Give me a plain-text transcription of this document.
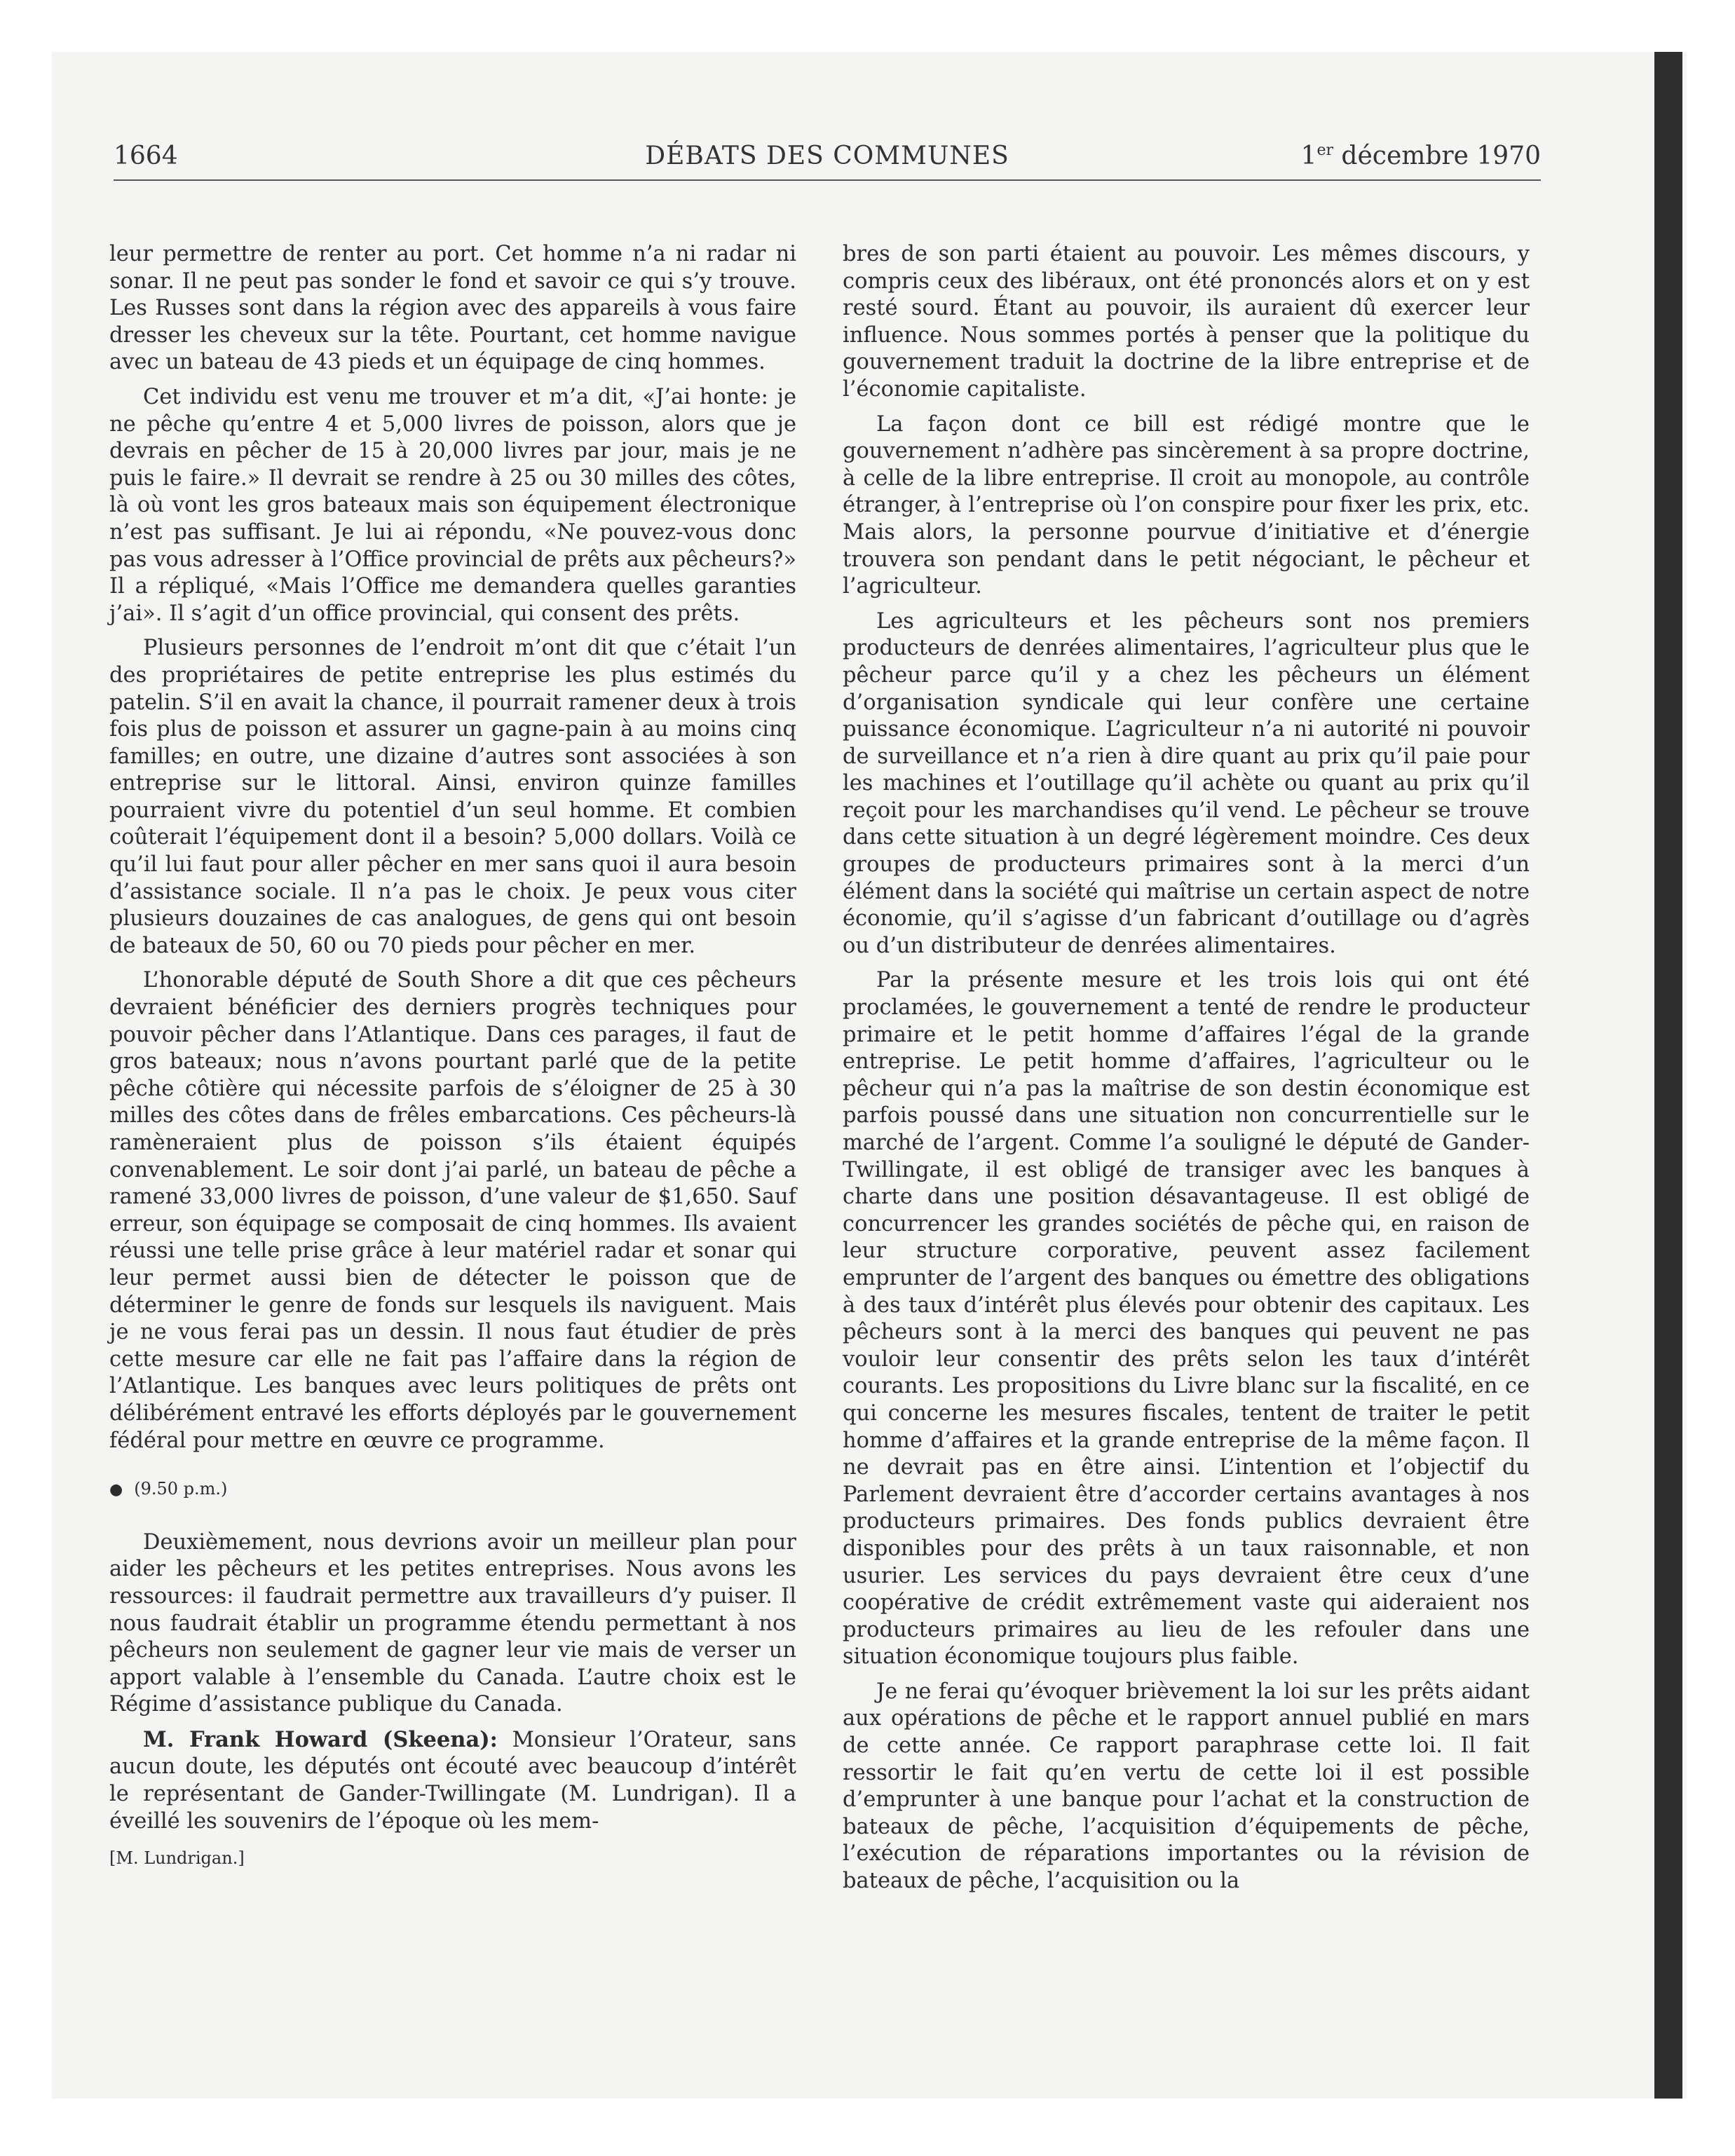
1664	DÉBATS DES COMMUNES	1er décembre 1970

leur permettre de renter au port. Cet homme n’a ni radar ni sonar. Il ne peut pas sonder le fond et savoir ce qui s’y trouve. Les Russes sont dans la région avec des appareils à vous faire dresser les cheveux sur la tête. Pourtant, cet homme navigue avec un bateau de 43 pieds et un équipage de cinq hommes.

Cet individu est venu me trouver et m’a dit, «J’ai honte: je ne pêche qu’entre 4 et 5,000 livres de poisson, alors que je devrais en pêcher de 15 à 20,000 livres par jour, mais je ne puis le faire.» Il devrait se rendre à 25 ou 30 milles des côtes, là où vont les gros bateaux mais son équipement électronique n’est pas suffisant. Je lui ai répondu, «Ne pouvez-vous donc pas vous adresser à l’Office provincial de prêts aux pêcheurs?» Il a répliqué, «Mais l’Office me demandera quelles garanties j’ai». Il s’agit d’un office provincial, qui consent des prêts.

Plusieurs personnes de l’endroit m’ont dit que c’était l’un des propriétaires de petite entreprise les plus estimés du patelin. S’il en avait la chance, il pourrait ramener deux à trois fois plus de poisson et assurer un gagne-pain à au moins cinq familles; en outre, une dizaine d’autres sont associées à son entreprise sur le littoral. Ainsi, environ quinze familles pourraient vivre du potentiel d’un seul homme. Et combien coûterait l’équipement dont il a besoin? 5,000 dollars. Voilà ce qu’il lui faut pour aller pêcher en mer sans quoi il aura besoin d’assistance sociale. Il n’a pas le choix. Je peux vous citer plusieurs douzaines de cas analogues, de gens qui ont besoin de bateaux de 50, 60 ou 70 pieds pour pêcher en mer.

L’honorable député de South Shore a dit que ces pêcheurs devraient bénéficier des derniers progrès techniques pour pouvoir pêcher dans l’Atlantique. Dans ces parages, il faut de gros bateaux; nous n’avons pourtant parlé que de la petite pêche côtière qui nécessite parfois de s’éloigner de 25 à 30 milles des côtes dans de frêles embarcations. Ces pêcheurs-là ramèneraient plus de poisson s’ils étaient équipés convenablement. Le soir dont j’ai parlé, un bateau de pêche a ramené 33,000 livres de poisson, d’une valeur de $1,650. Sauf erreur, son équipage se composait de cinq hommes. Ils avaient réussi une telle prise grâce à leur matériel radar et sonar qui leur permet aussi bien de détecter le poisson que de déterminer le genre de fonds sur lesquels ils naviguent. Mais je ne vous ferai pas un dessin. Il nous faut étudier de près cette mesure car elle ne fait pas l’affaire dans la région de l’Atlantique. Les banques avec leurs politiques de prêts ont délibérément entravé les efforts déployés par le gouvernement fédéral pour mettre en œuvre ce programme.

● (9.50 p.m.)

Deuxièmement, nous devrions avoir un meilleur plan pour aider les pêcheurs et les petites entreprises. Nous avons les ressources: il faudrait permettre aux travailleurs d’y puiser. Il nous faudrait établir un programme étendu permettant à nos pêcheurs non seulement de gagner leur vie mais de verser un apport valable à l’ensemble du Canada. L’autre choix est le Régime d’assistance publique du Canada.

M. Frank Howard (Skeena): Monsieur l’Orateur, sans aucun doute, les députés ont écouté avec beaucoup d’intérêt le représentant de Gander-Twillingate (M. Lundrigan). Il a éveillé les souvenirs de l’époque où les mem-

[M. Lundrigan.]

bres de son parti étaient au pouvoir. Les mêmes discours, y compris ceux des libéraux, ont été prononcés alors et on y est resté sourd. Étant au pouvoir, ils auraient dû exercer leur influence. Nous sommes portés à penser que la politique du gouvernement traduit la doctrine de la libre entreprise et de l’économie capitaliste.

La façon dont ce bill est rédigé montre que le gouvernement n’adhère pas sincèrement à sa propre doctrine, à celle de la libre entreprise. Il croit au monopole, au contrôle étranger, à l’entreprise où l’on conspire pour fixer les prix, etc. Mais alors, la personne pourvue d’initiative et d’énergie trouvera son pendant dans le petit négociant, le pêcheur et l’agriculteur.

Les agriculteurs et les pêcheurs sont nos premiers producteurs de denrées alimentaires, l’agriculteur plus que le pêcheur parce qu’il y a chez les pêcheurs un élément d’organisation syndicale qui leur confère une certaine puissance économique. L’agriculteur n’a ni autorité ni pouvoir de surveillance et n’a rien à dire quant au prix qu’il paie pour les machines et l’outillage qu’il achète ou quant au prix qu’il reçoit pour les marchandises qu’il vend. Le pêcheur se trouve dans cette situation à un degré légèrement moindre. Ces deux groupes de producteurs primaires sont à la merci d’un élément dans la société qui maîtrise un certain aspect de notre économie, qu’il s’agisse d’un fabricant d’outillage ou d’agrès ou d’un distributeur de denrées alimentaires.

Par la présente mesure et les trois lois qui ont été proclamées, le gouvernement a tenté de rendre le producteur primaire et le petit homme d’affaires l’égal de la grande entreprise. Le petit homme d’affaires, l’agriculteur ou le pêcheur qui n’a pas la maîtrise de son destin économique est parfois poussé dans une situation non concurrentielle sur le marché de l’argent. Comme l’a souligné le député de Gander-Twillingate, il est obligé de transiger avec les banques à charte dans une position désavantageuse. Il est obligé de concurrencer les grandes sociétés de pêche qui, en raison de leur structure corporative, peuvent assez facilement emprunter de l’argent des banques ou émettre des obligations à des taux d’intérêt plus élevés pour obtenir des capitaux. Les pêcheurs sont à la merci des banques qui peuvent ne pas vouloir leur consentir des prêts selon les taux d’intérêt courants. Les propositions du Livre blanc sur la fiscalité, en ce qui concerne les mesures fiscales, tentent de traiter le petit homme d’affaires et la grande entreprise de la même façon. Il ne devrait pas en être ainsi. L’intention et l’objectif du Parlement devraient être d’accorder certains avantages à nos producteurs primaires. Des fonds publics devraient être disponibles pour des prêts à un taux raisonnable, et non usurier. Les services du pays devraient être ceux d’une coopérative de crédit extrêmement vaste qui aideraient nos producteurs primaires au lieu de les refouler dans une situation économique toujours plus faible.

Je ne ferai qu’évoquer brièvement la loi sur les prêts aidant aux opérations de pêche et le rapport annuel publié en mars de cette année. Ce rapport paraphrase cette loi. Il fait ressortir le fait qu’en vertu de cette loi il est possible d’emprunter à une banque pour l’achat et la construction de bateaux de pêche, l’acquisition d’équipements de pêche, l’exécution de réparations importantes ou la révision de bateaux de pêche, l’acquisition ou la
